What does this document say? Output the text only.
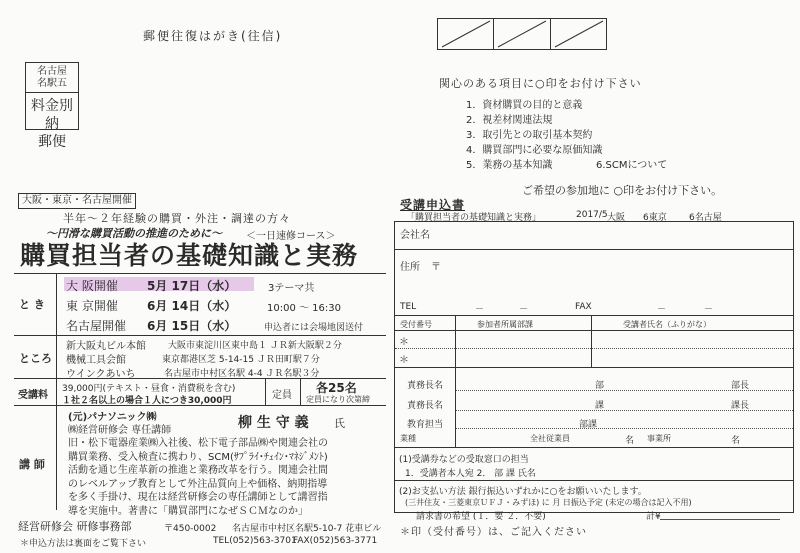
郵便往復はがき(往信)
名古屋
名駅五
料金別納
郵便
関心のある項目に○印をお付け下さい
1．資材購買の目的と意義
2．視差材関連法規
3．取引先との取引基本契約
4．購買部門に必要な原価知識
5．業務の基本知識	6.SCMについて
ご希望の参加地に ○印をお付け下さい。
大阪・東京・名古屋開催
半年～２年経験の購買・外注・調達の方々
～円滑な購買活動の推進のために～ ＜一日速修コース＞
購買担当者の基礎知識と実務
と き
大 阪開催 5月 17日（水）	3テーマ共
東 京開催 6月 14日（水）	10:00 ～ 16:30
名古屋開催 6月 15日（水）	申込者には会場地図送付
ところ
新大阪丸ビル本館 大阪市東淀川区東中島１ ＪＲ新大阪駅２分
機械工具会館	東京都港区芝 5-14-15 ＪＲ田町駅７分
ウインクあいち	名古屋市中村区名駅 4-4 ＪＲ名駅３分
受講料
39,000円(テキスト・昼食・消費税を含む)
１社２名以上の場合１人につき30,000円	定員
各25名
定員になり次第締
講 師
(元)パナソニック㈱
㈱経営研修会 専任講師	柳 生 守 義 氏
旧・松下電器産業㈱入社後、松下電子部品㈱や関連会社の
購買業務、受入検査に携わり、SCM(ｻﾌﾟﾗｲ･ﾁｪｲﾝ･ﾏﾈｼﾞﾒﾝﾄ)
活動を通じ生産革新の推進と業務改革を行う。関連会社間
のレベルアップ教育として外注品質向上や価格、納期指導
を多く手掛け、現在は経営研修会の専任講師として講習指
導を実施中。著書に「購買部門になぜＳＣＭなのか」
経営研修会 研修事務部	〒450-0002 名古屋市中村区名駅5-10-7 花車ビル
＊申込方法は裏面をご覧下さい	TEL(052)563-3701
FAX(052)563-3771
受講申込書
「購買担当者の基礎知識と実務」	2017/5 大阪 6東京 6名古屋
会社名
住所 〒
TEL	－	－	FAX	－	－
受付番号	参加者所属部課	受講者氏名（ふりがな）
＊
＊
責務長名	部	部長
責務長名	課	課長
教育担当	部課
業種	全社従業員	名 事業所	名
(1)受講券などの受取窓口の担当
1．受講者本人宛 2． 部 課 氏名
(2)お支払い方法 銀行振込いずれかに○をお願いいたします。
(三井住友・三菱東京ＵＦＪ・みずほ) に 月 日振込予定 (未定の場合は記入不用)
請求書の希望 (１．要 ２．不要)	計¥
＊印（受付番号）は、ご記入ください
